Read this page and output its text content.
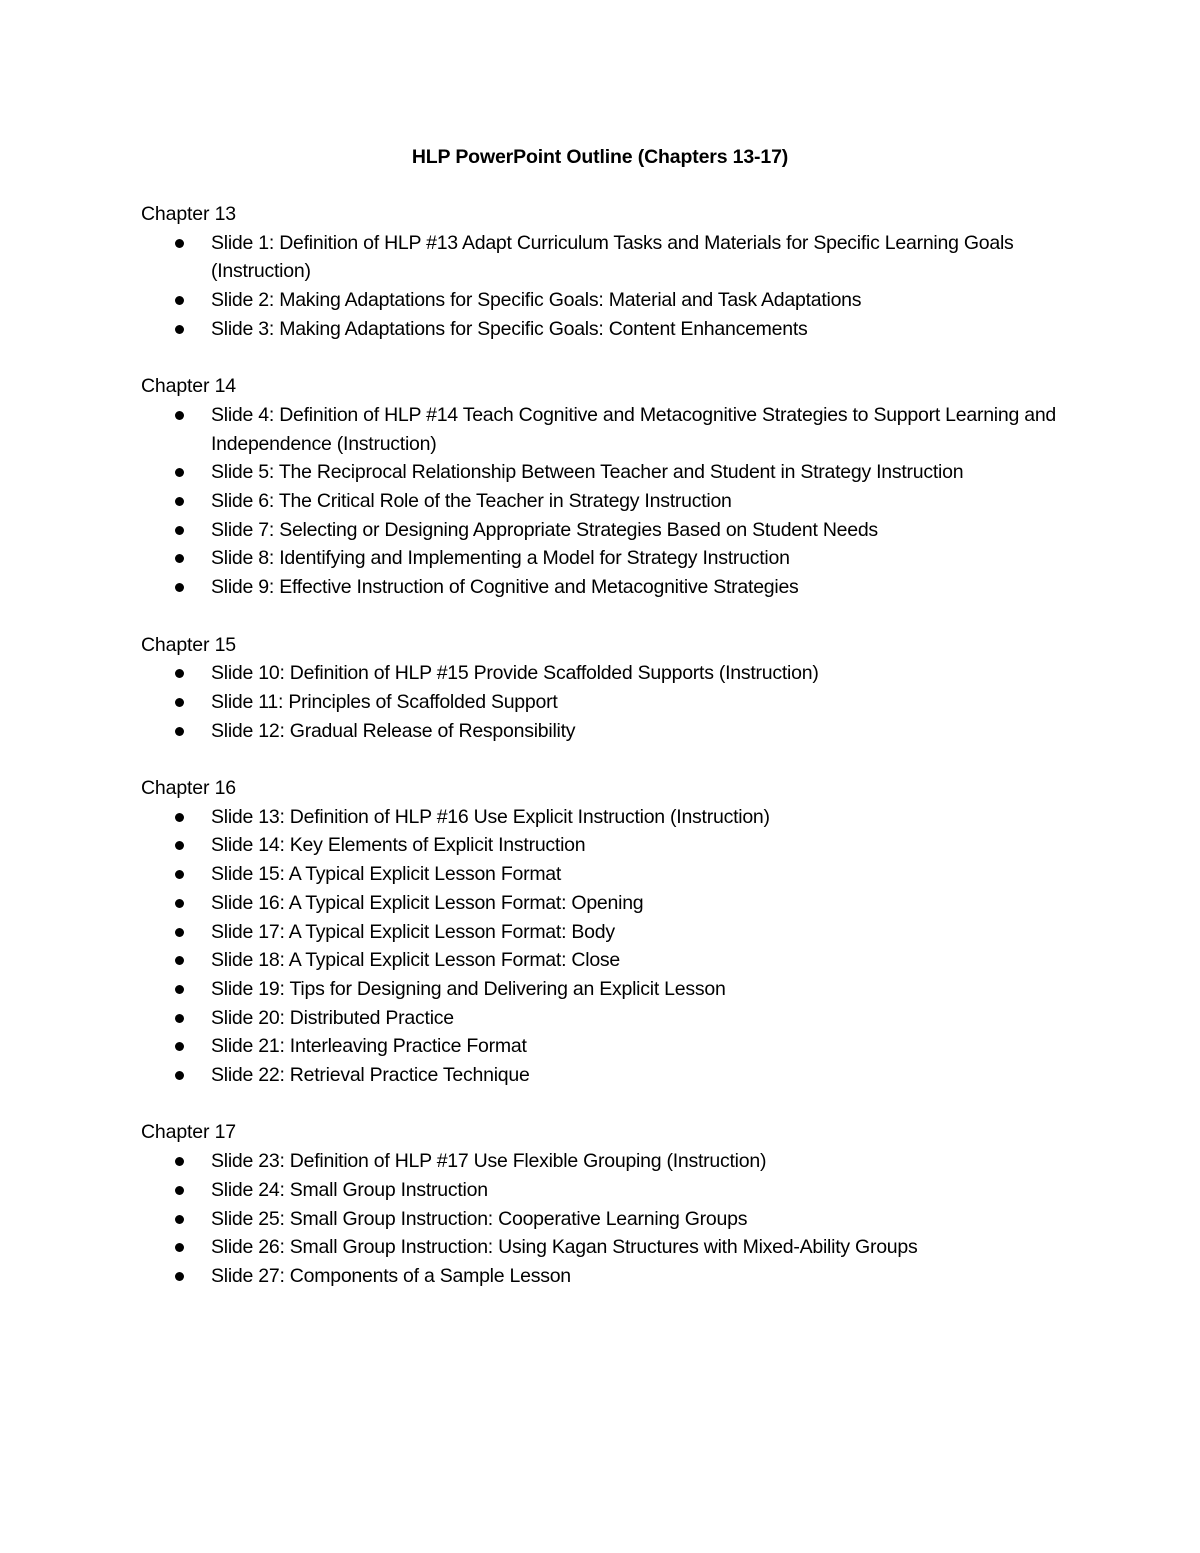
HLP PowerPoint Outline (Chapters 13-17)
Chapter 13
Slide 1: Definition of HLP #13 Adapt Curriculum Tasks and Materials for Specific Learning Goals (Instruction)
Slide 2: Making Adaptations for Specific Goals: Material and Task Adaptations
Slide 3: Making Adaptations for Specific Goals: Content Enhancements
Chapter 14
Slide 4: Definition of HLP #14 Teach Cognitive and Metacognitive Strategies to Support Learning and Independence (Instruction)
Slide 5: The Reciprocal Relationship Between Teacher and Student in Strategy Instruction
Slide 6: The Critical Role of the Teacher in Strategy Instruction
Slide 7: Selecting or Designing Appropriate Strategies Based on Student Needs
Slide 8: Identifying and Implementing a Model for Strategy Instruction
Slide 9: Effective Instruction of Cognitive and Metacognitive Strategies
Chapter 15
Slide 10: Definition of HLP #15 Provide Scaffolded Supports (Instruction)
Slide 11: Principles of Scaffolded Support
Slide 12: Gradual Release of Responsibility
Chapter 16
Slide 13: Definition of HLP #16 Use Explicit Instruction (Instruction)
Slide 14: Key Elements of Explicit Instruction
Slide 15: A Typical Explicit Lesson Format
Slide 16: A Typical Explicit Lesson Format: Opening
Slide 17: A Typical Explicit Lesson Format: Body
Slide 18: A Typical Explicit Lesson Format: Close
Slide 19: Tips for Designing and Delivering an Explicit Lesson
Slide 20: Distributed Practice
Slide 21: Interleaving Practice Format
Slide 22: Retrieval Practice Technique
Chapter 17
Slide 23: Definition of HLP #17 Use Flexible Grouping (Instruction)
Slide 24: Small Group Instruction
Slide 25: Small Group Instruction: Cooperative Learning Groups
Slide 26: Small Group Instruction: Using Kagan Structures with Mixed-Ability Groups
Slide 27: Components of a Sample Lesson
